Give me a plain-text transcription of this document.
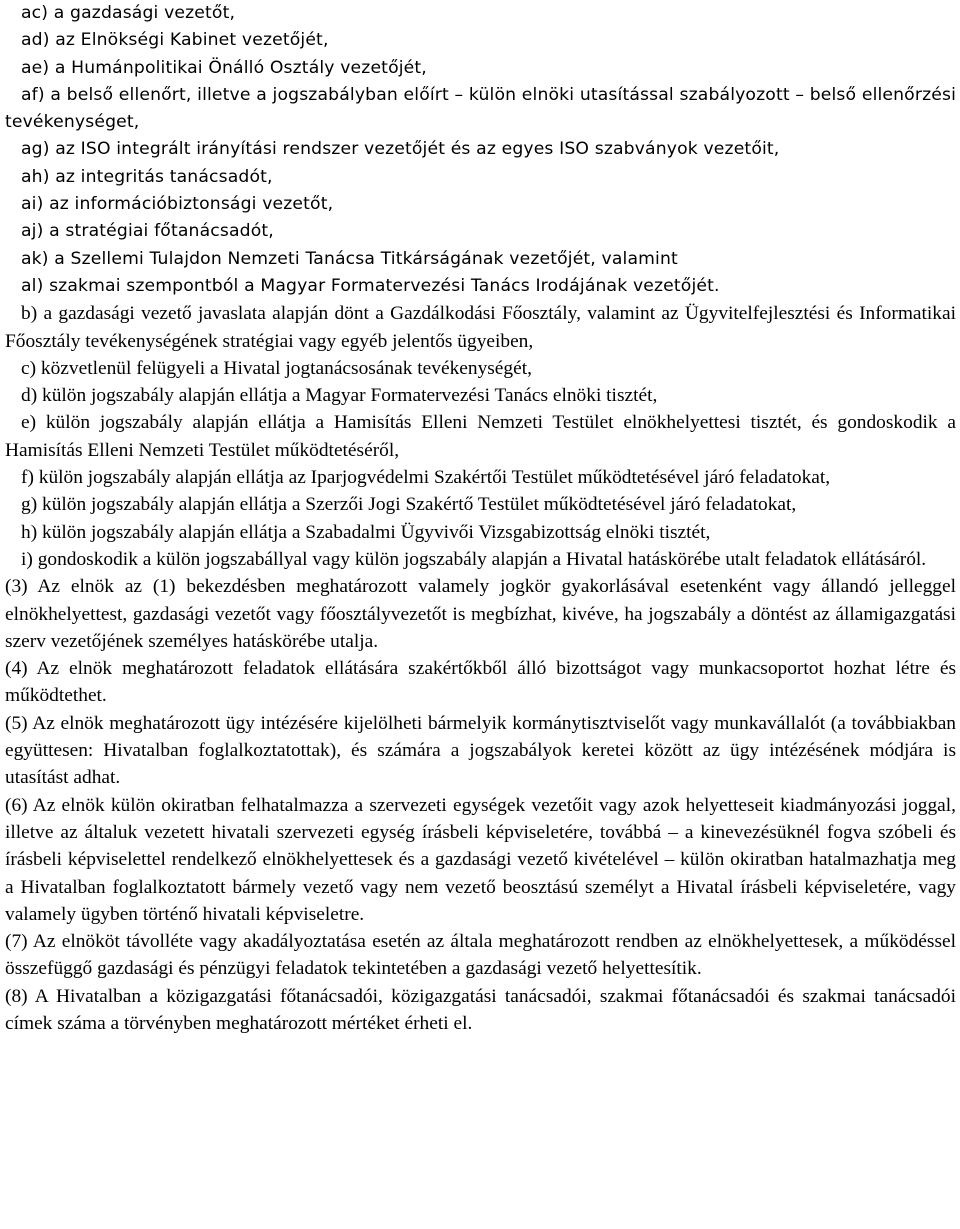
ac) a gazdasági vezetőt,

ad) az Elnökségi Kabinet vezetőjét,

ae) a Humánpolitikai Önálló Osztály vezetőjét,

af) a belső ellenőrt, illetve a jogszabályban előírt – külön elnöki utasítással szabályozott – belső ellenőrzési tevékenységet,

ag) az ISO integrált irányítási rendszer vezetőjét és az egyes ISO szabványok vezetőit,

ah) az integritás tanácsadót,

ai) az információbiztonsági vezetőt,

aj) a stratégiai főtanácsadót,

ak) a Szellemi Tulajdon Nemzeti Tanácsa Titkárságának vezetőjét, valamint

al) szakmai szempontból a Magyar Formatervezési Tanács Irodájának vezetőjét.

b) a gazdasági vezető javaslata alapján dönt a Gazdálkodási Főosztály, valamint az Ügyvitelfejlesztési és Informatikai Főosztály tevékenységének stratégiai vagy egyéb jelentős ügyeiben,

c) közvetlenül felügyeli a Hivatal jogtanácsosának tevékenységét,

d) külön jogszabály alapján ellátja a Magyar Formatervezési Tanács elnöki tisztét,

e) külön jogszabály alapján ellátja a Hamisítás Elleni Nemzeti Testület elnökhelyettesi tisztét, és gondoskodik a Hamisítás Elleni Nemzeti Testület működtetéséről,

f) külön jogszabály alapján ellátja az Iparjogvédelmi Szakértői Testület működtetésével járó feladatokat,

g) külön jogszabály alapján ellátja a Szerzői Jogi Szakértő Testület működtetésével járó feladatokat,

h) külön jogszabály alapján ellátja a Szabadalmi Ügyvivői Vizsgabizottság elnöki tisztét,

i) gondoskodik a külön jogszabállyal vagy külön jogszabály alapján a Hivatal hatáskörébe utalt feladatok ellátásáról.

(3) Az elnök az (1) bekezdésben meghatározott valamely jogkör gyakorlásával esetenként vagy állandó jelleggel elnökhelyettest, gazdasági vezetőt vagy főosztályvezetőt is megbízhat, kivéve, ha jogszabály a döntést az államigazgatási szerv vezetőjének személyes hatáskörébe utalja.

(4) Az elnök meghatározott feladatok ellátására szakértőkből álló bizottságot vagy munkacsoportot hozhat létre és működtethet.

(5) Az elnök meghatározott ügy intézésére kijelölheti bármelyik kormánytisztviselőt vagy munkavállalót (a továbbiakban együttesen: Hivatalban foglalkoztatottak), és számára a jogszabályok keretei között az ügy intézésének módjára is utasítást adhat.

(6) Az elnök külön okiratban felhatalmazza a szervezeti egységek vezetőit vagy azok helyetteseit kiadmányozási joggal, illetve az általuk vezetett hivatali szervezeti egység írásbeli képviseletére, továbbá – a kinevezésüknél fogva szóbeli és írásbeli képviselettel rendelkező elnökhelyettesek és a gazdasági vezető kivételével – külön okiratban hatalmazhatja meg a Hivatalban foglalkoztatott bármely vezető vagy nem vezető beosztású személyt a Hivatal írásbeli képviseletére, vagy valamely ügyben történő hivatali képviseletre.

(7) Az elnököt távolléte vagy akadályoztatása esetén az általa meghatározott rendben az elnökhelyettesek, a működéssel összefüggő gazdasági és pénzügyi feladatok tekintetében a gazdasági vezető helyettesítik.

(8) A Hivatalban a közigazgatási főtanácsadói, közigazgatási tanácsadói, szakmai főtanácsadói és szakmai tanácsadói címek száma a törvényben meghatározott mértéket érheti el.
